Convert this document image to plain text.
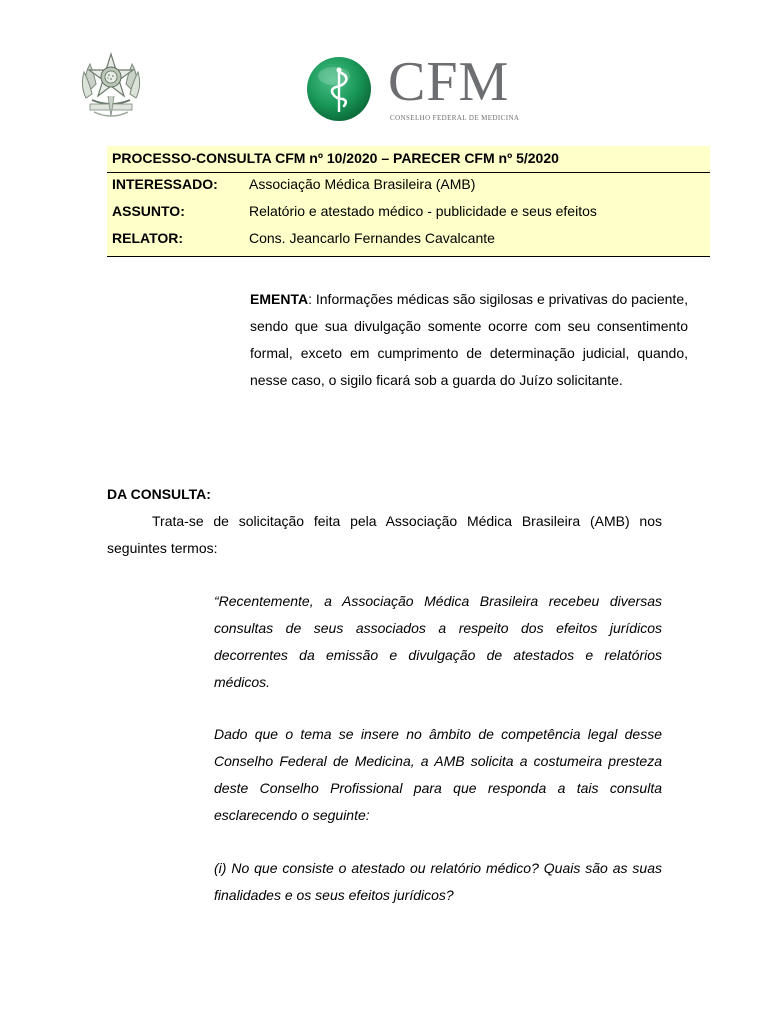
CFM
CONSELHO FEDERAL DE MEDICINA
PROCESSO-CONSULTA CFM nº 10/2020 – PARECER CFM nº 5/2020
INTERESSADO: Associação Médica Brasileira (AMB)
ASSUNTO:	Relatório e atestado médico - publicidade e seus efeitos
RELATOR:	Cons. Jeancarlo Fernandes Cavalcante
EMENTA: Informações médicas são sigilosas e privativas do paciente, sendo que sua divulgação somente ocorre com seu consentimento formal, exceto em cumprimento de determinação judicial, quando, nesse caso, o sigilo ficará sob a guarda do Juízo solicitante.
DA CONSULTA:
Trata-se de solicitação feita pela Associação Médica Brasileira (AMB) nos seguintes termos:
“Recentemente, a Associação Médica Brasileira recebeu diversas consultas de seus associados a respeito dos efeitos jurídicos decorrentes da emissão e divulgação de atestados e relatórios médicos.
Dado que o tema se insere no âmbito de competência legal desse Conselho Federal de Medicina, a AMB solicita a costumeira presteza deste Conselho Profissional para que responda a tais consulta esclarecendo o seguinte:
(i) No que consiste o atestado ou relatório médico? Quais são as suas finalidades e os seus efeitos jurídicos?
